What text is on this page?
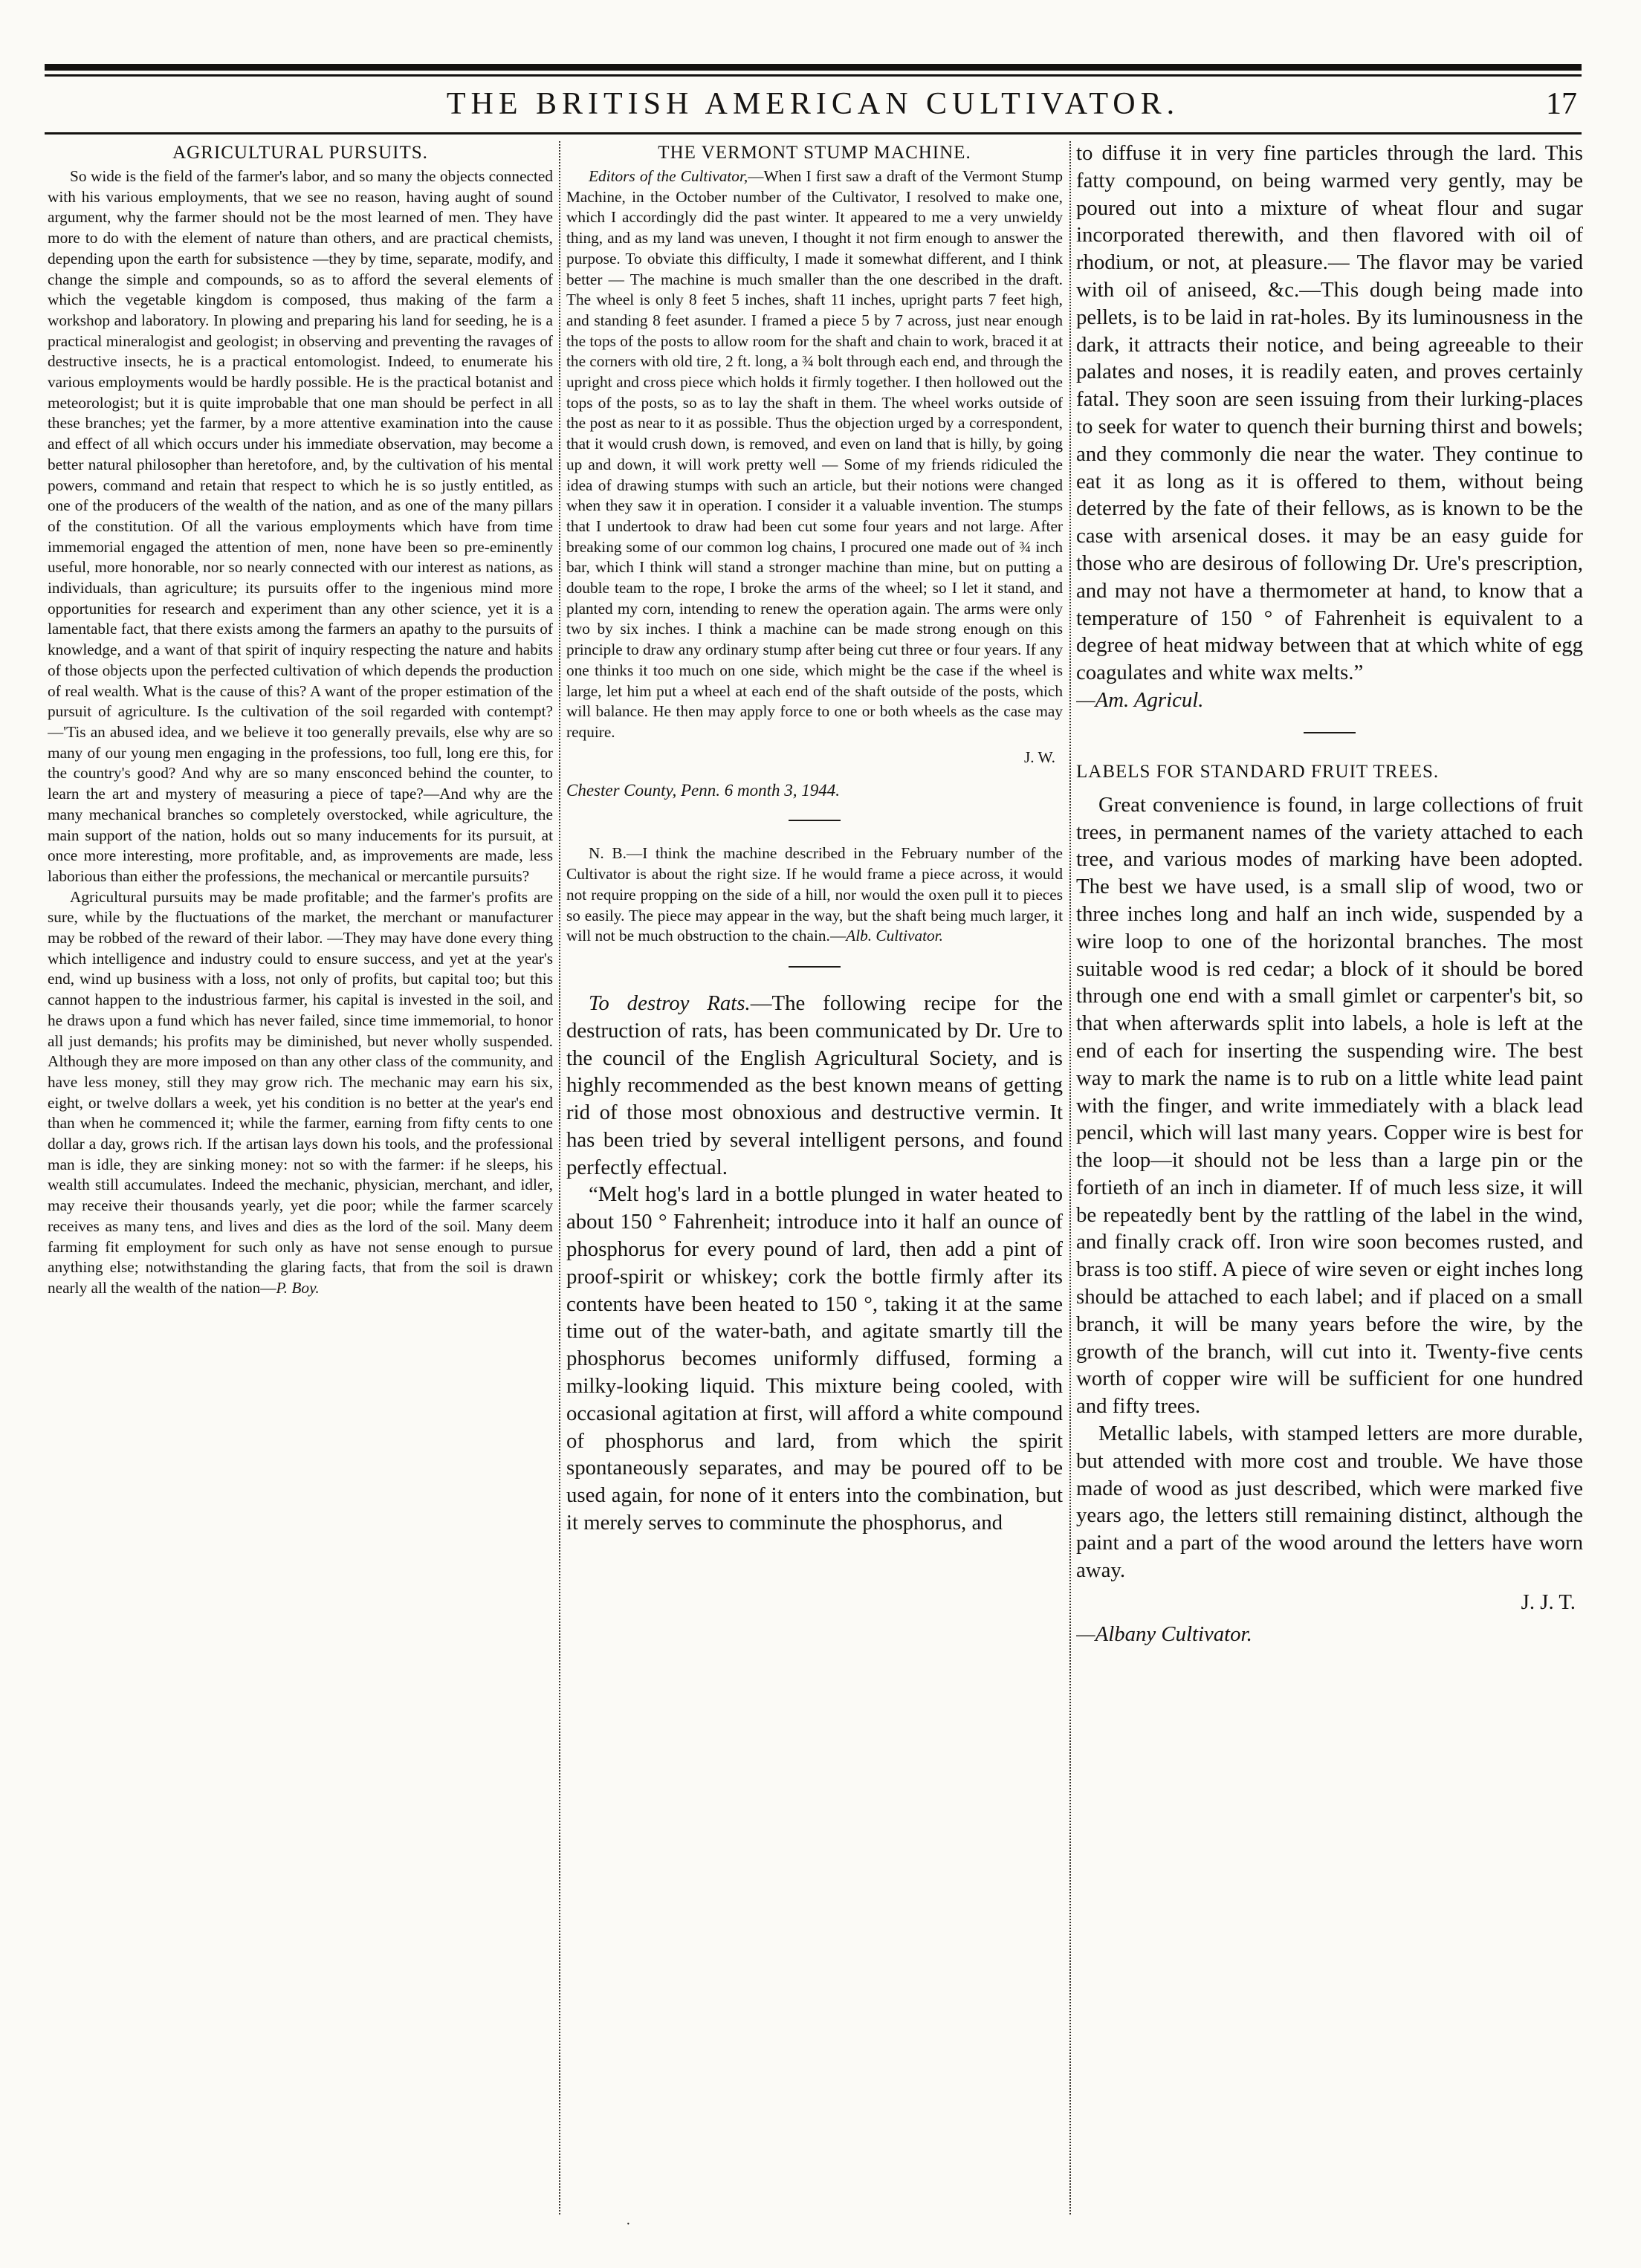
THE BRITISH AMERICAN CULTIVATOR.	17
AGRICULTURAL PURSUITS.

So wide is the field of the farmer's labor, and so many the objects connected with his various employments, that we see no reason, having aught of sound argument, why the farmer should not be the most learned of men. They have more to do with the element of nature than others, and are practical chemists, depending upon the earth for subsistence —they by time, separate, modify, and change the simple and compounds, so as to afford the several elements of which the vegetable kingdom is composed, thus making of the farm a workshop and laboratory. In plowing and preparing his land for seeding, he is a practical mineralogist and geologist; in observing and preventing the ravages of destructive insects, he is a practical entomologist. Indeed, to enumerate his various employments would be hardly possible. He is the practical botanist and meteorologist; but it is quite improbable that one man should be perfect in all these branches; yet the farmer, by a more attentive examination into the cause and effect of all which occurs under his immediate observation, may become a better natural philosopher than heretofore, and, by the cultivation of his mental powers, command and retain that respect to which he is so justly entitled, as one of the producers of the wealth of the nation, and as one of the many pillars of the constitution. Of all the various employments which have from time immemorial engaged the attention of men, none have been so pre-eminently useful, more honorable, nor so nearly connected with our interest as nations, as individuals, than agriculture; its pursuits offer to the ingenious mind more opportunities for research and experiment than any other science, yet it is a lamentable fact, that there exists among the farmers an apathy to the pursuits of knowledge, and a want of that spirit of inquiry respecting the nature and habits of those objects upon the perfected cultivation of which depends the production of real wealth. What is the cause of this? A want of the proper estimation of the pursuit of agriculture. Is the cultivation of the soil regarded with contempt?—'Tis an abused idea, and we believe it too generally prevails, else why are so many of our young men engaging in the professions, too full, long ere this, for the country's good? And why are so many ensconced behind the counter, to learn the art and mystery of measuring a piece of tape?—And why are the many mechanical branches so completely overstocked, while agriculture, the main support of the nation, holds out so many inducements for its pursuit, at once more interesting, more profitable, and, as improvements are made, less laborious than either the professions, the mechanical or mercantile pursuits?

Agricultural pursuits may be made profitable; and the farmer's profits are sure, while by the fluctuations of the market, the merchant or manufacturer may be robbed of the reward of their labor. —They may have done every thing which intelligence and industry could to ensure success, and yet at the year's end, wind up business with a loss, not only of profits, but capital too; but this cannot happen to the industrious farmer, his capital is invested in the soil, and he draws upon a fund which has never failed, since time immemorial, to honor all just demands; his profits may be diminished, but never wholly suspended. Although they are more imposed on than any other class of the community, and have less money, still they may grow rich. The mechanic may earn his six, eight, or twelve dollars a week, yet his condition is no better at the year's end than when he commenced it; while the farmer, earning from fifty cents to one dollar a day, grows rich. If the artisan lays down his tools, and the professional man is idle, they are sinking money: not so with the farmer: if he sleeps, his wealth still accumulates. Indeed the mechanic, physician, merchant, and idler, may receive their thousands yearly, yet die poor; while the farmer scarcely receives as many tens, and lives and dies as the lord of the soil. Many deem farming fit employment for such only as have not sense enough to pursue anything else; notwithstanding the glaring facts, that from the soil is drawn nearly all the wealth of the nation—P. Boy.

THE VERMONT STUMP MACHINE.

Editors of the Cultivator,—When I first saw a draft of the Vermont Stump Machine, in the October number of the Cultivator, I resolved to make one, which I accordingly did the past winter. It appeared to me a very unwieldy thing, and as my land was uneven, I thought it not firm enough to answer the purpose. To obviate this difficulty, I made it somewhat different, and I think better — The machine is much smaller than the one described in the draft. The wheel is only 8 feet 5 inches, shaft 11 inches, upright parts 7 feet high, and standing 8 feet asunder. I framed a piece 5 by 7 across, just near enough the tops of the posts to allow room for the shaft and chain to work, braced it at the corners with old tire, 2 ft. long, a ¾ bolt through each end, and through the upright and cross piece which holds it firmly together. I then hollowed out the tops of the posts, so as to lay the shaft in them. The wheel works outside of the post as near to it as possible. Thus the objection urged by a correspondent, that it would crush down, is removed, and even on land that is hilly, by going up and down, it will work pretty well — Some of my friends ridiculed the idea of drawing stumps with such an article, but their notions were changed when they saw it in operation. I consider it a valuable invention. The stumps that I undertook to draw had been cut some four years and not large. After breaking some of our common log chains, I procured one made out of ¾ inch bar, which I think will stand a stronger machine than mine, but on putting a double team to the rope, I broke the arms of the wheel; so I let it stand, and planted my corn, intending to renew the operation again. The arms were only two by six inches. I think a machine can be made strong enough on this principle to draw any ordinary stump after being cut three or four years. If any one thinks it too much on one side, which might be the case if the wheel is large, let him put a wheel at each end of the shaft outside of the posts, which will balance. He then may apply force to one or both wheels as the case may require.

J. W.
Chester County, Penn. 6 month 3, 1944.

N. B.—I think the machine described in the February number of the Cultivator is about the right size. If he would frame a piece across, it would not require propping on the side of a hill, nor would the oxen pull it to pieces so easily. The piece may appear in the way, but the shaft being much larger, it will not be much obstruction to the chain.—Alb. Cultivator.

To destroy Rats.—The following recipe for the destruction of rats, has been communicated by Dr. Ure to the council of the English Agricultural Society, and is highly recommended as the best known means of getting rid of those most obnoxious and destructive vermin. It has been tried by several intelligent persons, and found perfectly effectual.

“Melt hog's lard in a bottle plunged in water heated to about 150 ° Fahrenheit; introduce into it half an ounce of phosphorus for every pound of lard, then add a pint of proof-spirit or whiskey; cork the bottle firmly after its contents have been heated to 150 °, taking it at the same time out of the water-bath, and agitate smartly till the phosphorus becomes uniformly diffused, forming a milky-looking liquid. This mixture being cooled, with occasional agitation at first, will afford a white compound of phosphorus and lard, from which the spirit spontaneously separates, and may be poured off to be used again, for none of it enters into the combination, but it merely serves to comminute the phosphorus, and

to diffuse it in very fine particles through the lard. This fatty compound, on being warmed very gently, may be poured out into a mixture of wheat flour and sugar incorporated therewith, and then flavored with oil of rhodium, or not, at pleasure.— The flavor may be varied with oil of aniseed, &c.—This dough being made into pellets, is to be laid in rat-holes. By its luminousness in the dark, it attracts their notice, and being agreeable to their palates and noses, it is readily eaten, and proves certainly fatal. They soon are seen issuing from their lurking-places to seek for water to quench their burning thirst and bowels; and they commonly die near the water. They continue to eat it as long as it is offered to them, without being deterred by the fate of their fellows, as is known to be the case with arsenical doses. it may be an easy guide for those who are desirous of following Dr. Ure's prescription, and may not have a thermometer at hand, to know that a temperature of 150 ° of Fahrenheit is equivalent to a degree of heat midway between that at which white of egg coagulates and white wax melts.”

—Am. Agricul.
LABELS FOR STANDARD FRUIT TREES.

Great convenience is found, in large collections of fruit trees, in permanent names of the variety attached to each tree, and various modes of marking have been adopted. The best we have used, is a small slip of wood, two or three inches long and half an inch wide, suspended by a wire loop to one of the horizontal branches. The most suitable wood is red cedar; a block of it should be bored through one end with a small gimlet or carpenter's bit, so that when afterwards split into labels, a hole is left at the end of each for inserting the suspending wire. The best way to mark the name is to rub on a little white lead paint with the finger, and write immediately with a black lead pencil, which will last many years. Copper wire is best for the loop—it should not be less than a large pin or the fortieth of an inch in diameter. If of much less size, it will be repeatedly bent by the rattling of the label in the wind, and finally crack off. Iron wire soon becomes rusted, and brass is too stiff. A piece of wire seven or eight inches long should be attached to each label; and if placed on a small branch, it will be many years before the wire, by the growth of the branch, will cut into it. Twenty-five cents worth of copper wire will be sufficient for one hundred and fifty trees.

Metallic labels, with stamped letters are more durable, but attended with more cost and trouble. We have those made of wood as just described, which were marked five years ago, the letters still remaining distinct, although the paint and a part of the wood around the letters have worn away.

J. J. T.
—Albany Cultivator.
·
